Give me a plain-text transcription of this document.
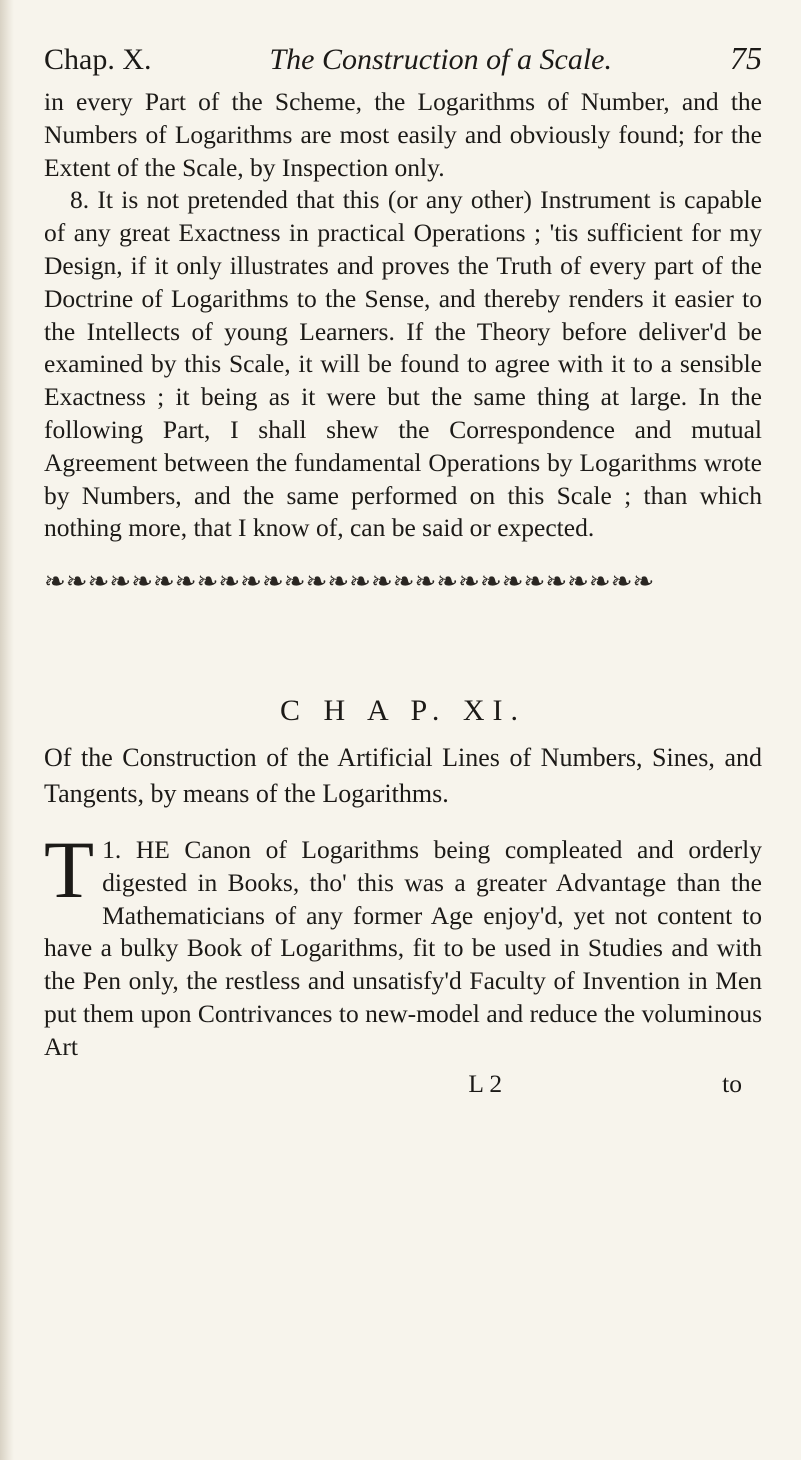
Chap. X.	The Construction of a Scale.	75

in every Part of the Scheme, the Logarithms of Number, and the Numbers of Logarithms are most easily and obviously found; for the Extent of the Scale, by Inspection only.

8. It is not pretended that this (or any other) Instrument is capable of any great Exactness in practical Operations ; 'tis sufficient for my Design, if it only illustrates and proves the Truth of every part of the Doctrine of Logarithms to the Sense, and thereby renders it easier to the Intellects of young Learners. If the Theory before deliver'd be examined by this Scale, it will be found to agree with it to a sensible Exactness ; it being as it were but the same thing at large. In the following Part, I shall shew the Correspondence and mutual Agreement between the fundamental Operations by Logarithms wrote by Numbers, and the same performed on this Scale ; than which nothing more, that I know of, can be said or expected.

❧ ❧ ❧ ❧ ❧ ❧ ❧ ❧ ❧ ❧ ❧ ❧ ❧ ❧ ❧ ❧ ❧ ❧ ❧ ❧ ❧ ❧ ❧ ❧ ❧ ❧ ❧ ❧
C H A P. XI.

Of the Construction of the Artificial Lines of Numbers, Sines, and Tangents, by means of the Logarithms.

1.
T HE Canon of Logarithms being compleated and orderly digested in Books, tho' this was a greater Advantage than the Mathematicians of any former Age enjoy'd, yet not content to have a bulky Book of Logarithms, fit to be used in Studies and with the Pen only, the restless and unsatisfy'd Faculty of Invention in Men put them upon Contrivances to new-model and reduce the voluminous Art

L 2	to
